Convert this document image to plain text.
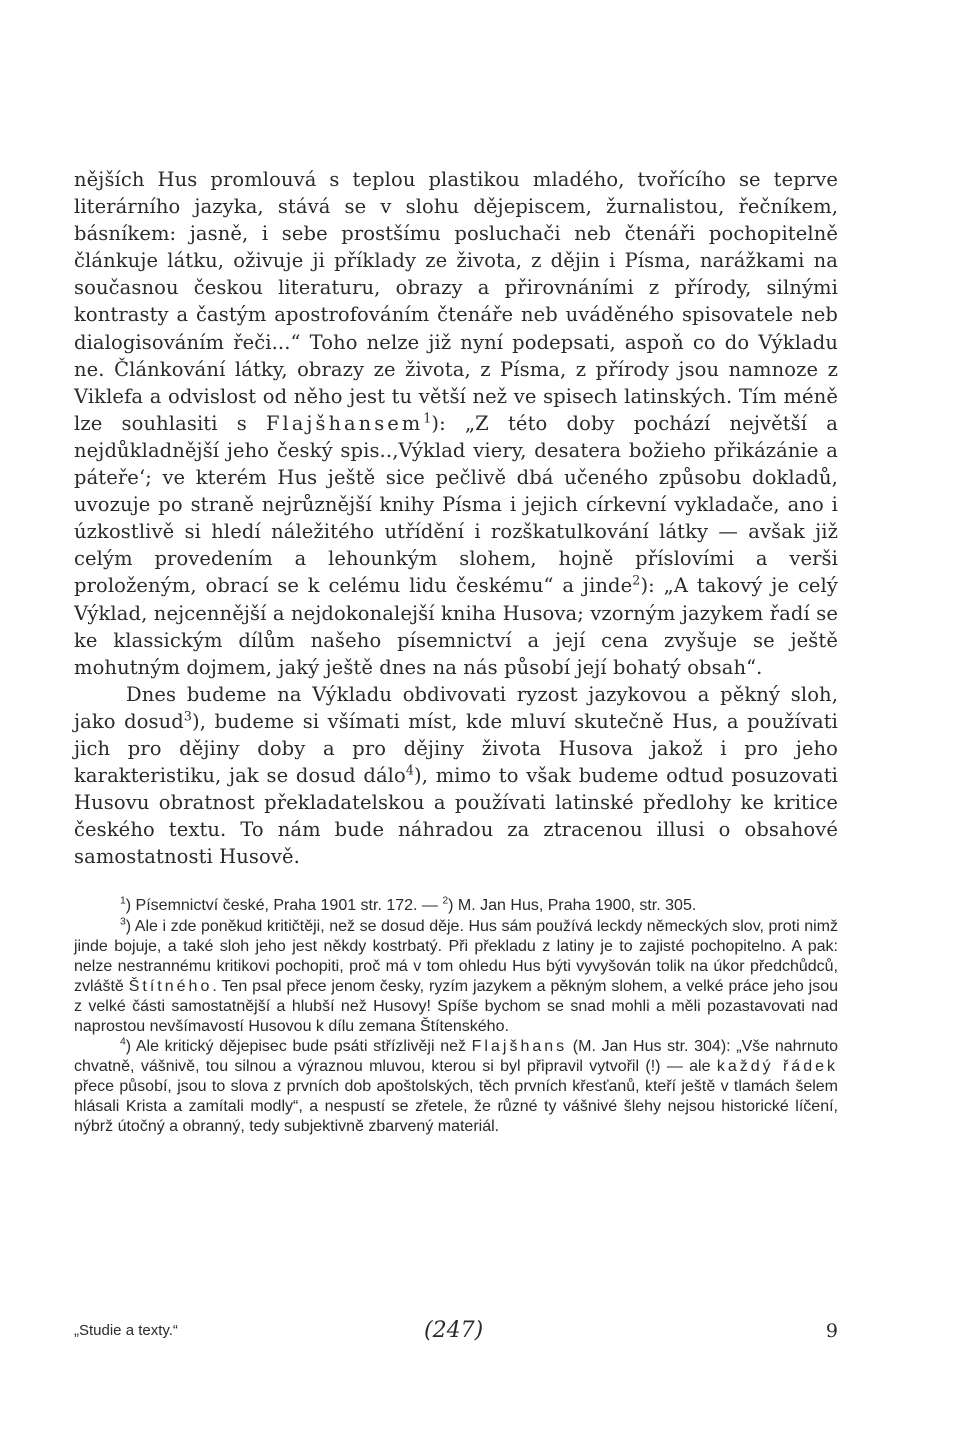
nějších Hus promlouvá s teplou plastikou mladého, tvořícího se teprve literárního jazyka, stává se v slohu dějepiscem, žurnalistou, řečníkem, básníkem: jasně, i sebe prostšímu posluchači neb čtenáři pochopitelně článkuje látku, oživuje ji příklady ze života, z dějin i Písma, narážkami na současnou českou literaturu, obrazy a přirovnáními z přírody, silnými kontrasty a častým apostrofováním čtenáře neb uváděného spisovatele neb dialogisováním řeči...“ Toho nelze již nyní podepsati, aspoň co do Výkladu ne. Článkování látky, obrazy ze života, z Písma, z přírody jsou namnoze z Viklefa a odvislost od něho jest tu větší než ve spisech latinských. Tím méně lze souhlasiti s Flajšhansem$^1$): „Z této doby pochází největší a nejdůkladnější jeho český spis..‚Výklad viery, desatera božieho přikázánie a páteře‘; ve kterém Hus ještě sice pečlivě dbá učeného způsobu dokladů, uvozuje po straně nejrůznější knihy Písma i jejich církevní vykladače, ano i úzkostlivě si hledí náležitého utřídění i rozškatulkování látky — avšak již celým provedením a lehounkým slohem, hojně příslovími a verši proloženým, obrací se k celému lidu českému“ a jinde$^2$): „A takový je celý Výklad, nejcennější a nejdokonalejší kniha Husova; vzorným jazykem řadí se ke klassickým dílům našeho písemnictví a její cena zvyšuje se ještě mohutným dojmem, jaký ještě dnes na nás působí její bohatý obsah“.

Dnes budeme na Výkladu obdivovati ryzost jazykovou a pěkný sloh, jako dosud$^3$), budeme si všímati míst, kde mluví skutečně Hus, a používati jich pro dějiny doby a pro dějiny života Husova jakož i pro jeho karakteristiku, jak se dosud dálo$^4$), mimo to však budeme odtud posuzovati Husovu obratnost překladatelskou a používati latinské předlohy ke kritice českého textu. To nám bude náhradou za ztracenou illusi o obsahové samostatnosti Husově.

$^1$) Písemnictví české, Praha 1901 str. 172. — $^2$) M. Jan Hus, Praha 1900, str. 305.

$^3$) Ale i zde poněkud kritičtěji, než se dosud děje. Hus sám používá leckdy německých slov, proti nimž jinde bojuje, a také sloh jeho jest někdy kostrbatý. Při překladu z latiny je to zajisté pochopitelno. A pak: nelze nestrannému kritikovi pochopiti, proč má v tom ohledu Hus býti vyvyšován tolik na úkor předchůdců, zvláště Štítného. Ten psal přece jenom česky, ryzím jazykem a pěkným slohem, a velké práce jeho jsou z velké části samostatnější a hlubší než Husovy! Spíše bychom se snad mohli a měli pozastavovati nad naprostou nevšímavostí Husovou k dílu zemana Štítenského.

$^4$) Ale kritický dějepisec bude psáti střízlivěji než Flajšhans (M. Jan Hus str. 304): „Vše nahrnuto chvatně, vášnivě, tou silnou a výraznou mluvou, kterou si byl připravil vytvořil (!) — ale každý řádek přece působí, jsou to slova z prvních dob apoštolských, těch prvních křesťanů, kteří ještě v tlamách šelem hlásali Krista a zamítali modly“, a nespustí se zřetele, že různé ty vášnivé šlehy nejsou historické líčení, nýbrž útočný a obranný, tedy subjektivně zbarvený materiál.

„Studie a texty.“	(247)	9
